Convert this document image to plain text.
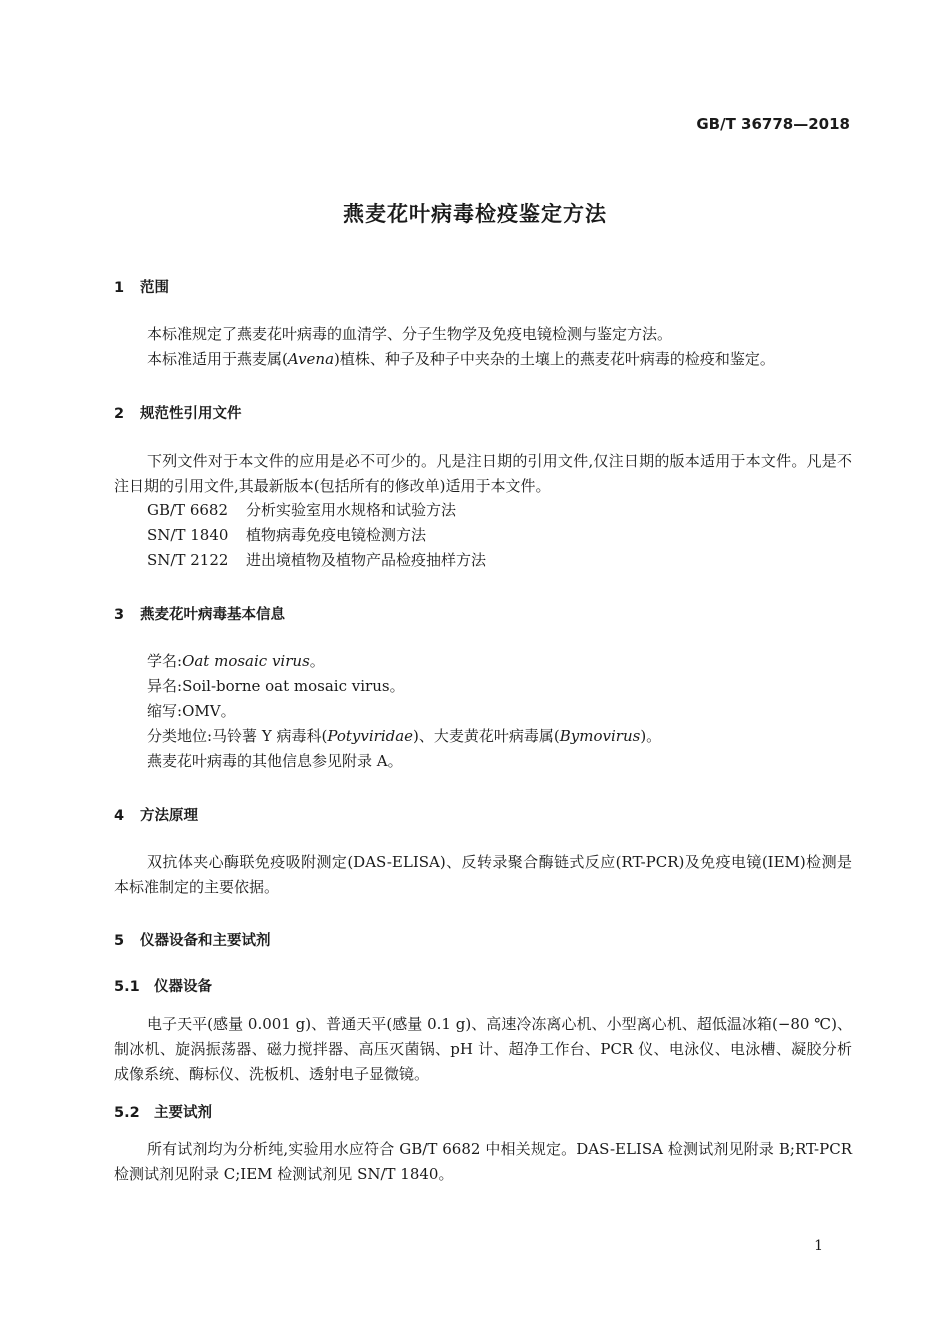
GB/T 36778—2018
燕麦花叶病毒检疫鉴定方法
1 范围
本标准规定了燕麦花叶病毒的血清学、分子生物学及免疫电镜检测与鉴定方法。
本标准适用于燕麦属(Avena)植株、种子及种子中夹杂的土壤上的燕麦花叶病毒的检疫和鉴定。
2 规范性引用文件
下列文件对于本文件的应用是必不可少的。凡是注日期的引用文件,仅注日期的版本适用于本文件。凡是不注日期的引用文件,其最新版本(包括所有的修改单)适用于本文件。
GB/T 6682 分析实验室用水规格和试验方法
SN/T 1840 植物病毒免疫电镜检测方法
SN/T 2122 进出境植物及植物产品检疫抽样方法
3 燕麦花叶病毒基本信息
学名:Oat mosaic virus。
异名:Soil-borne oat mosaic virus。
缩写:OMV。
分类地位:马铃薯 Y 病毒科(Potyviridae)、大麦黄花叶病毒属(Bymovirus)。
燕麦花叶病毒的其他信息参见附录 A。
4 方法原理
双抗体夹心酶联免疫吸附测定(DAS-ELISA)、反转录聚合酶链式反应(RT-PCR)及免疫电镜(IEM)检测是本标准制定的主要依据。
5 仪器设备和主要试剂
5.1 仪器设备
电子天平(感量 0.001 g)、普通天平(感量 0.1 g)、高速冷冻离心机、小型离心机、超低温冰箱(−80 ℃)、制冰机、旋涡振荡器、磁力搅拌器、高压灭菌锅、pH 计、超净工作台、PCR 仪、电泳仪、电泳槽、凝胶分析成像系统、酶标仪、洗板机、透射电子显微镜。
5.2 主要试剂
所有试剂均为分析纯,实验用水应符合 GB/T 6682 中相关规定。DAS-ELISA 检测试剂见附录 B;RT-PCR 检测试剂见附录 C;IEM 检测试剂见 SN/T 1840。
1
